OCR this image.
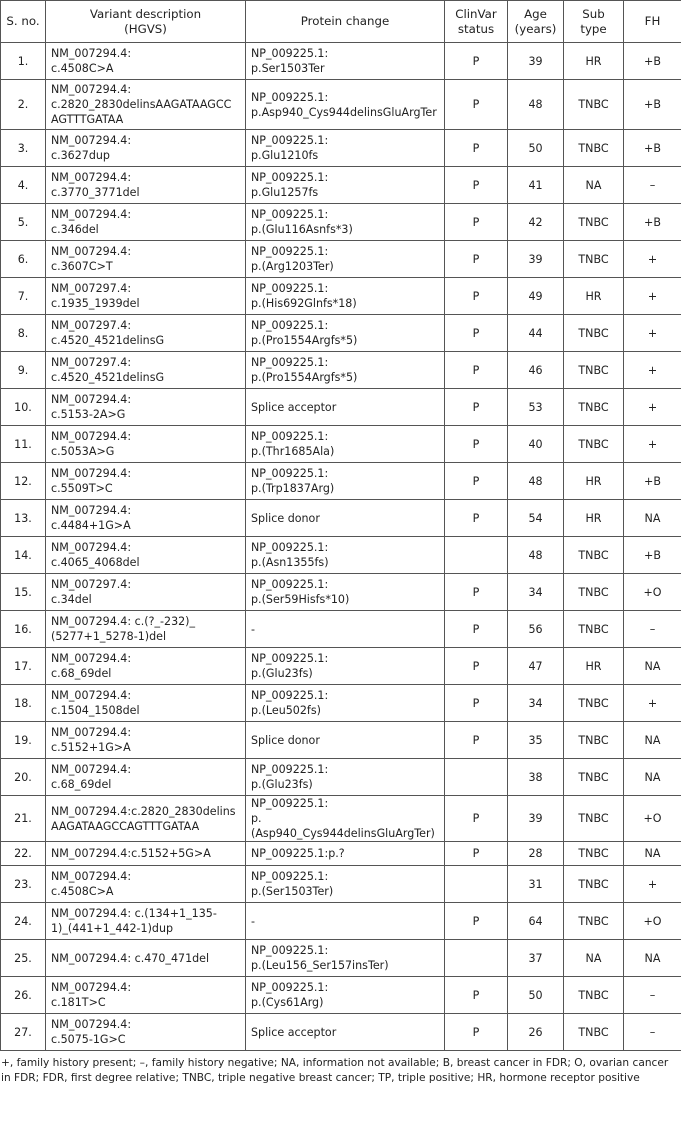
S. no.	Variant description
(HGVS)	Protein change	ClinVar
status	Age
(years)	Sub
type	FH
1.	NM_007294.4:
c.4508C>A	NP_009225.1:
p.Ser1503Ter	P	39	HR	+B
2.	NM_007294.4:
c.2820_2830delinsAAGATAAGCC
AGTTTGATAA	NP_009225.1:
p.Asp940_Cys944delinsGluArgTer	P	48	TNBC	+B
3.	NM_007294.4:
c.3627dup	NP_009225.1:
p.Glu1210fs	P	50	TNBC	+B
4.	NM_007294.4:
c.3770_3771del	NP_009225.1:
p.Glu1257fs	P	41	NA	–
5.	NM_007294.4:
c.346del	NP_009225.1:
p.(Glu116Asnfs*3)	P	42	TNBC	+B
6.	NM_007294.4:
c.3607C>T	NP_009225.1:
p.(Arg1203Ter)	P	39	TNBC	+
7.	NM_007297.4:
c.1935_1939del	NP_009225.1:
p.(His692Glnfs*18)	P	49	HR	+
8.	NM_007297.4:
c.4520_4521delinsG	NP_009225.1:
p.(Pro1554Argfs*5)	P	44	TNBC	+
9.	NM_007297.4:
c.4520_4521delinsG	NP_009225.1:
p.(Pro1554Argfs*5)	P	46	TNBC	+
10.	NM_007294.4:
c.5153-2A>G	Splice acceptor	P	53	TNBC	+
11.	NM_007294.4:
c.5053A>G	NP_009225.1:
p.(Thr1685Ala)	P	40	TNBC	+
12.	NM_007294.4:
c.5509T>C	NP_009225.1:
p.(Trp1837Arg)	P	48	HR	+B
13.	NM_007294.4:
c.4484+1G>A	Splice donor	P	54	HR	NA
14.	NM_007294.4:
c.4065_4068del	NP_009225.1:
p.(Asn1355fs)		48	TNBC	+B
15.	NM_007297.4:
c.34del	NP_009225.1:
p.(Ser59Hisfs*10)	P	34	TNBC	+O
16.	NM_007294.4: c.(?_-232)_
(5277+1_5278-1)del	-	P	56	TNBC	–
17.	NM_007294.4:
c.68_69del	NP_009225.1:
p.(Glu23fs)	P	47	HR	NA
18.	NM_007294.4:
c.1504_1508del	NP_009225.1:
p.(Leu502fs)	P	34	TNBC	+
19.	NM_007294.4:
c.5152+1G>A	Splice donor	P	35	TNBC	NA
20.	NM_007294.4:
c.68_69del	NP_009225.1:
p.(Glu23fs)		38	TNBC	NA
21.	NM_007294.4:c.2820_2830delins
AAGATAAGCCAGTTTGATAA	NP_009225.1:
p.(Asp940_Cys944delinsGluArgTer)	P	39	TNBC	+O
22.	NM_007294.4:c.5152+5G>A	NP_009225.1:p.?	P	28	TNBC	NA
23.	NM_007294.4:
c.4508C>A	NP_009225.1:
p.(Ser1503Ter)		31	TNBC	+
24.	NM_007294.4: c.(134+1_135-
1)_(441+1_442-1)dup	-	P	64	TNBC	+O
25.	NM_007294.4: c.470_471del	NP_009225.1:
p.(Leu156_Ser157insTer)		37	NA	NA
26.	NM_007294.4:
c.181T>C	NP_009225.1:
p.(Cys61Arg)	P	50	TNBC	–
27.	NM_007294.4:
c.5075-1G>C	Splice acceptor	P	26	TNBC	–
+, family history present; –, family history negative; NA, information not available; B, breast cancer in FDR; O, ovarian cancer in FDR; FDR, first degree relative; TNBC, triple negative breast cancer; TP, triple positive; HR, hormone receptor positive
